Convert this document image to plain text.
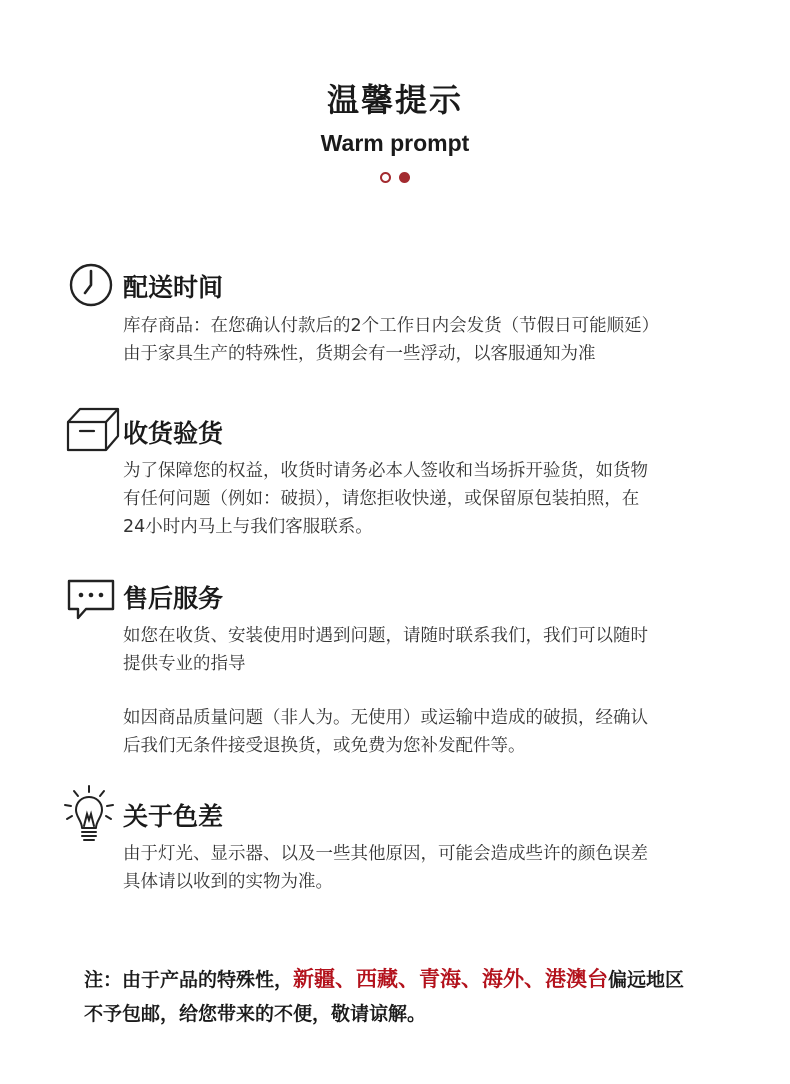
温馨提示
Warm prompt
配送时间

库存商品：在您确认付款后的2个工作日内会发货（节假日可能顺延）

由于家具生产的特殊性，货期会有一些浮动，以客服通知为准

收货验货

为了保障您的权益，收货时请务必本人签收和当场拆开验货，如货物

有任何问题（例如：破损），请您拒收快递，或保留原包装拍照，在

24小时内马上与我们客服联系。

售后服务

如您在收货、安装使用时遇到问题，请随时联系我们，我们可以随时

提供专业的指导

如因商品质量问题（非人为。无使用）或运输中造成的破损，经确认

后我们无条件接受退换货，或免费为您补发配件等。

关于色差

由于灯光、显示器、以及一些其他原因，可能会造成些许的颜色误差

具体请以收到的实物为准。

注：由于产品的特殊性，新疆、西藏、青海、海外、港澳台偏远地区

不予包邮，给您带来的不便，敬请谅解。
